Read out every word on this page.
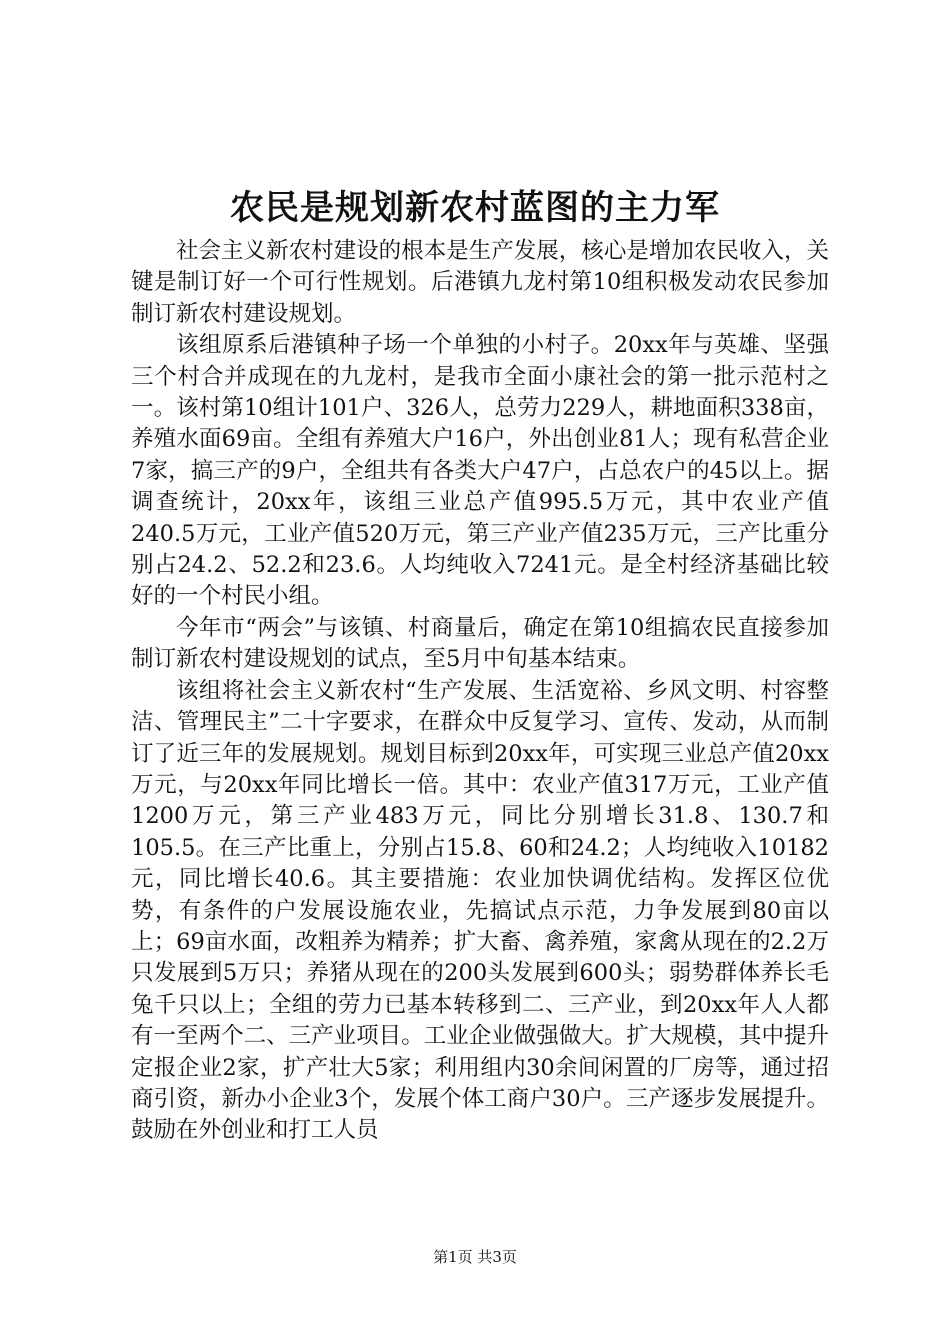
农民是规划新农村蓝图的主力军

社会主义新农村建设的根本是生产发展，核心是增加农民收入，关键是制订好一个可行性规划。后港镇九龙村第10组积极发动农民参加制订新农村建设规划。

该组原系后港镇种子场一个单独的小村子。20xx年与英雄、坚强三个村合并成现在的九龙村，是我市全面小康社会的第一批示范村之一。该村第10组计101户、326人，总劳力229人，耕地面积338亩，养殖水面69亩。全组有养殖大户16户，外出创业81人；现有私营企业7家，搞三产的9户，全组共有各类大户47户，占总农户的45以上。据调查统计，20xx年，该组三业总产值995.5万元，其中农业产值240.5万元，工业产值520万元，第三产业产值235万元，三产比重分别占24.2、52.2和23.6。人均纯收入7241元。是全村经济基础比较好的一个村民小组。

今年市“两会”与该镇、村商量后，确定在第10组搞农民直接参加制订新农村建设规划的试点，至5月中旬基本结束。

该组将社会主义新农村“生产发展、生活宽裕、乡风文明、村容整洁、管理民主”二十字要求，在群众中反复学习、宣传、发动，从而制订了近三年的发展规划。规划目标到20xx年，可实现三业总产值20xx万元，与20xx年同比增长一倍。其中：农业产值317万元，工业产值1200万元，第三产业483万元，同比分别增长31.8、130.7和105.5。在三产比重上，分别占15.8、60和24.2；人均纯收入10182元，同比增长40.6。其主要措施：农业加快调优结构。发挥区位优势，有条件的户发展设施农业，先搞试点示范，力争发展到80亩以上；69亩水面，改粗养为精养；扩大畜、禽养殖，家禽从现在的2.2万只发展到5万只；养猪从现在的200头发展到600头；弱势群体养长毛兔千只以上；全组的劳力已基本转移到二、三产业，到20xx年人人都有一至两个二、三产业项目。工业企业做强做大。扩大规模，其中提升定报企业2家，扩产壮大5家；利用组内30余间闲置的厂房等，通过招商引资，新办小企业3个，发展个体工商户30户。三产逐步发展提升。鼓励在外创业和打工人员

第1页 共3页
